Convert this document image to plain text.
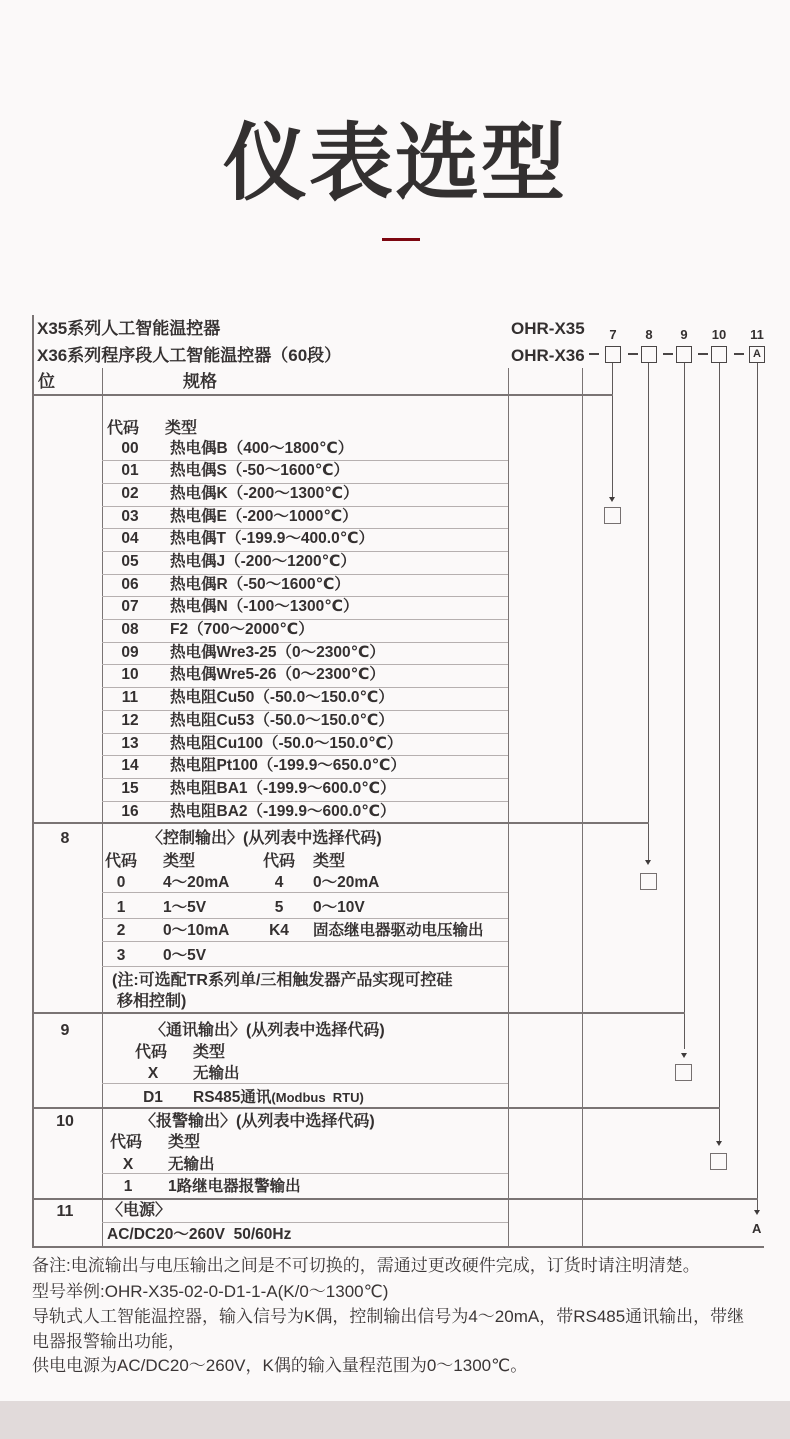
仪表选型
X35系列人工智能温控器	OHR-X35
X36系列程序段人工智能温控器（60段）	OHR-X36
7	8	9	10	11
A
A
位	规格
代码 类型
00	热电偶B（400～1800℃）
01	热电偶S（-50～1600℃）
02	热电偶K（-200～1300℃）
03	热电偶E（-200～1000℃）
04	热电偶T（-199.9～400.0℃）
05	热电偶J（-200～1200℃）
06	热电偶R（-50～1600℃）
07	热电偶N（-100～1300℃）
08	F2（700～2000℃）
09	热电偶Wre3-25（0～2300℃）
10	热电偶Wre5-26（0～2300℃）
11	热电阻Cu50（-50.0～150.0℃）
12	热电阻Cu53（-50.0～150.0℃）
13	热电阻Cu100（-50.0～150.0℃）
14	热电阻Pt100（-199.9～650.0℃）
15	热电阻BA1（-199.9～600.0℃）
16	热电阻BA2（-199.9～600.0℃）
8	〈控制输出〉(从列表中选择代码)
代码	类型	代码	类型
0	4～20mA	4	0～20mA
1	1～5V	5	0～10V
2	0～10mA	K4	固态继电器驱动电压输出
3	0～5V
(注:可选配TR系列单/三相触发器产品实现可控硅
移相控制)
9	〈通讯输出〉(从列表中选择代码)
代码 类型
X	无输出
D1	RS485通讯(Modbus  RTU)
10	〈报警输出〉(从列表中选择代码)
代码 类型
X	无输出
1	1路继电器报警输出
11	〈电源〉
AC/DC20～260V  50/60Hz
备注:电流输出与电压输出之间是不可切换的，需通过更改硬件完成，订货时请注明清楚。
型号举例:OHR-X35-02-0-D1-1-A(K/0～1300℃)
导轨式人工智能温控器，输入信号为K偶，控制输出信号为4～20mA，带RS485通讯输出，带继
电器报警输出功能，
供电电源为AC/DC20～260V，K偶的输入量程范围为0～1300℃。
